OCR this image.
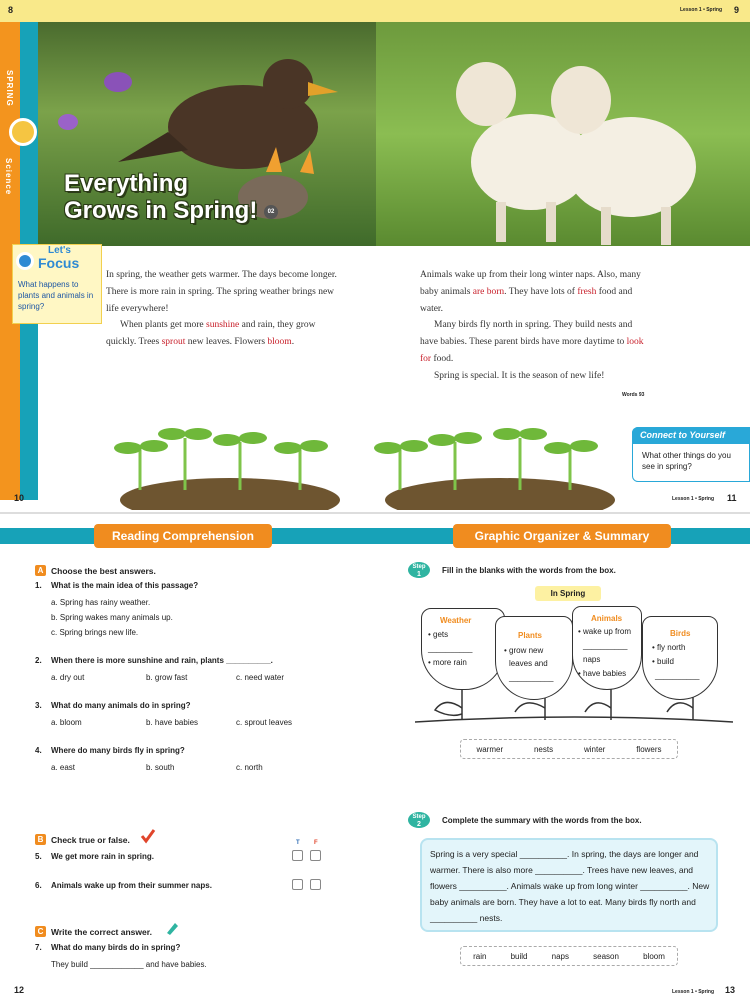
8	Lesson 1 • Spring 9
SPRING
Science Everything
Grows in Spring! 02
Let's
Focus
What happens to plants and animals in spring?

In spring, the weather gets warmer. The days become longer. There is more rain in spring. The spring weather brings new life everywhere!

When plants get more sunshine and rain, they grow quickly. Trees sprout new leaves. Flowers bloom.

Animals wake up from their long winter naps. Also, many baby animals are born. They have lots of fresh food and water.

Many birds fly north in spring. They build nests and have babies. These parent birds have more daytime to look for food.

Spring is special. It is the season of new life!

Words 93
Connect to Yourself
What other things do you see in spring?
10	Lesson 1 • Spring 11
Reading Comprehension	Graphic Organizer & Summary
A Choose the best answers.
1. What is the main idea of this passage?
a. Spring has rainy weather.
b. Spring wakes many animals up.
c. Spring brings new life.
2. When there is more sunshine and rain, plants __________.
a. dry out	b. grow fast	c. need water
3. What do many animals do in spring?
a. bloom	b. have babies	c. sprout leaves
4. Where do many birds fly in spring?
a. east	b. south	c. north
B Check true or false.	T F
5. We get more rain in spring.
6. Animals wake up from their summer naps.
C Write the correct answer.
7. What do many birds do in spring?
They build ____________ and have babies.
Step
1	Fill in the blanks with the words from the box.
In Spring
Weather
• gets
__________
• more rain
Plants
• grow new
leaves and
__________
Animals
• wake up from
__________
naps
• have babies
Birds
• fly north
• build
__________
warmer	nests	winter	flowers
Step
2	Complete the summary with the words from the box.
Spring is a very special __________. In spring, the days are longer and warmer. There is also more __________. Trees have new leaves, and flowers __________. Animals wake up from long winter __________. New baby animals are born. They have a lot to eat. Many birds fly north and __________ nests.
rain	build	naps	season	bloom
12	Lesson 1 • Spring 13
